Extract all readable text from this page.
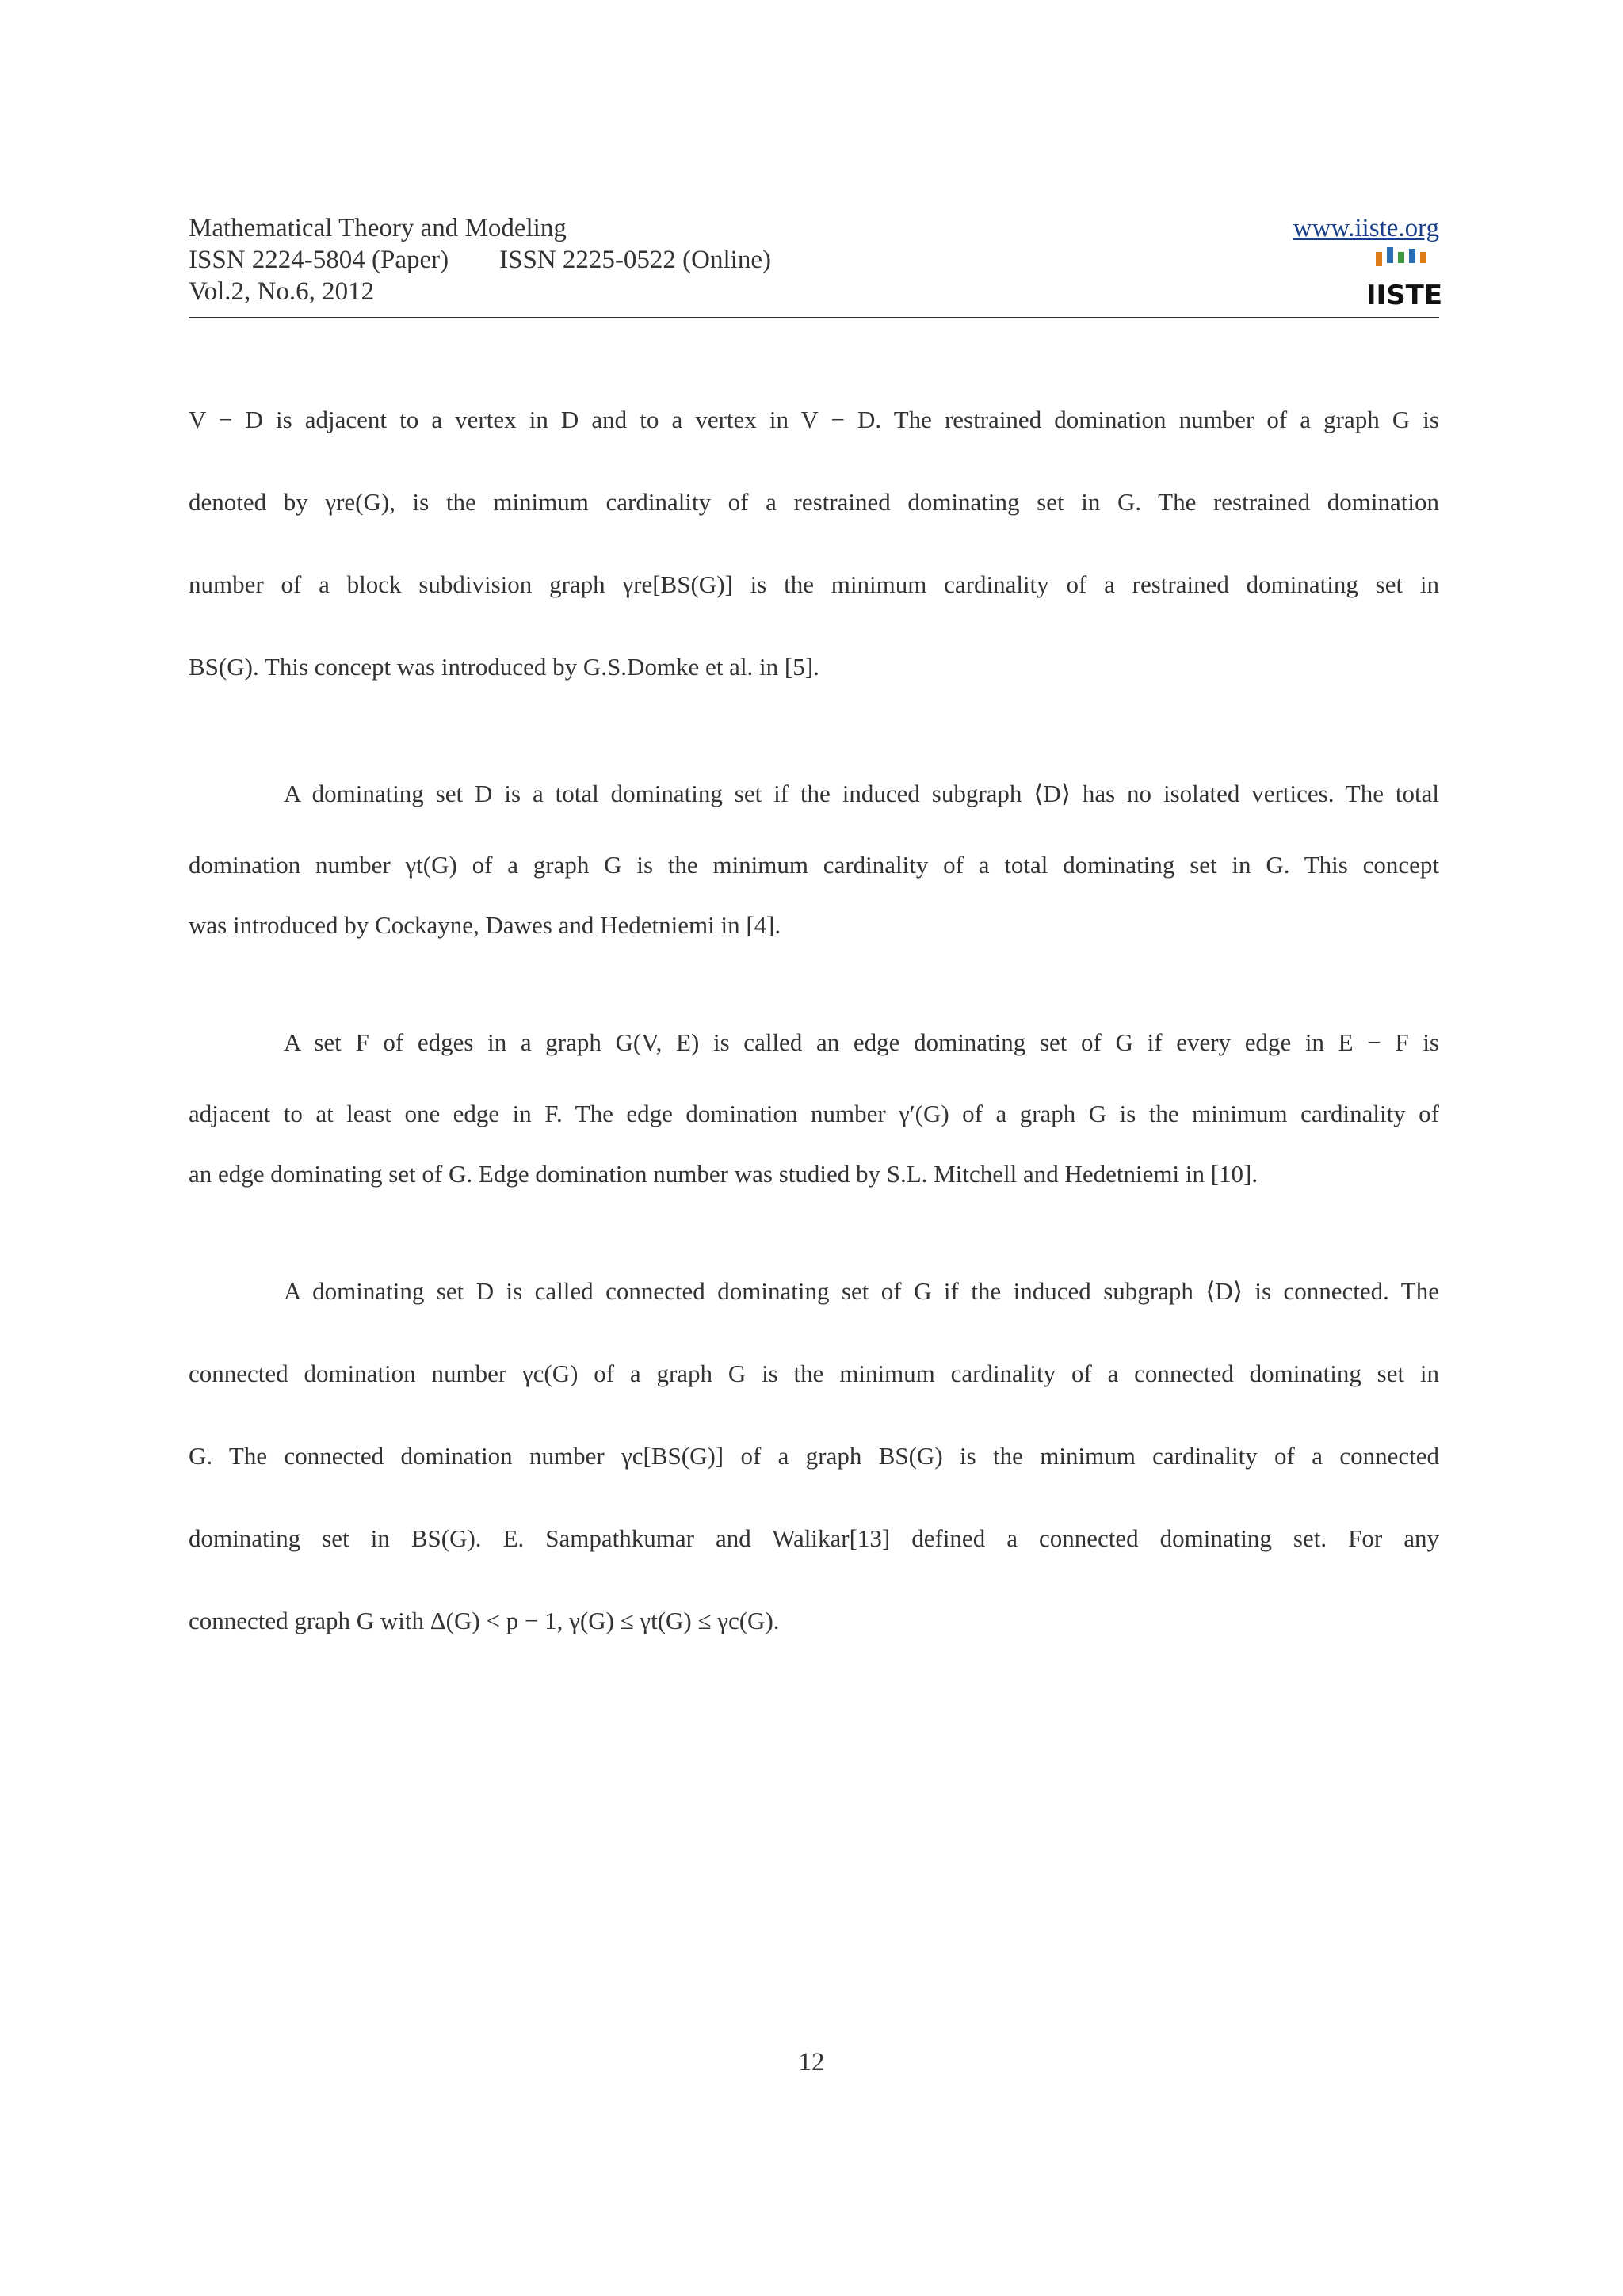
Mathematical Theory and Modeling
ISSN 2224-5804 (Paper) ISSN 2225-0522 (Online)
Vol.2, No.6, 2012
www.iiste.org
IISTE

V − D is adjacent to a vertex in D and to a vertex in V − D. The restrained domination number of a graph G is
denoted by γre(G), is the minimum cardinality of a restrained dominating set in G. The restrained domination
number of a block subdivision graph γre[BS(G)] is the minimum cardinality of a restrained dominating set in
BS(G). This concept was introduced by G.S.Domke et al. in [5].

A dominating set D is a total dominating set if the induced subgraph ⟨D⟩ has no isolated vertices. The total
domination number γt(G) of a graph G is the minimum cardinality of a total dominating set in G. This concept
was introduced by Cockayne, Dawes and Hedetniemi in [4].

A set F of edges in a graph G(V, E) is called an edge dominating set of G if every edge in E − F is
adjacent to at least one edge in F. The edge domination number γ′(G) of a graph G is the minimum cardinality of
an edge dominating set of G. Edge domination number was studied by S.L. Mitchell and Hedetniemi in [10].

A dominating set D is called connected dominating set of G if the induced subgraph ⟨D⟩ is connected. The
connected domination number γc(G) of a graph G is the minimum cardinality of a connected dominating set in
G. The connected domination number γc[BS(G)] of a graph BS(G) is the minimum cardinality of a connected
dominating set in BS(G). E. Sampathkumar and Walikar[13] defined a connected dominating set. For any
connected graph G with Δ(G) < p − 1, γ(G) ≤ γt(G) ≤ γc(G).

12
